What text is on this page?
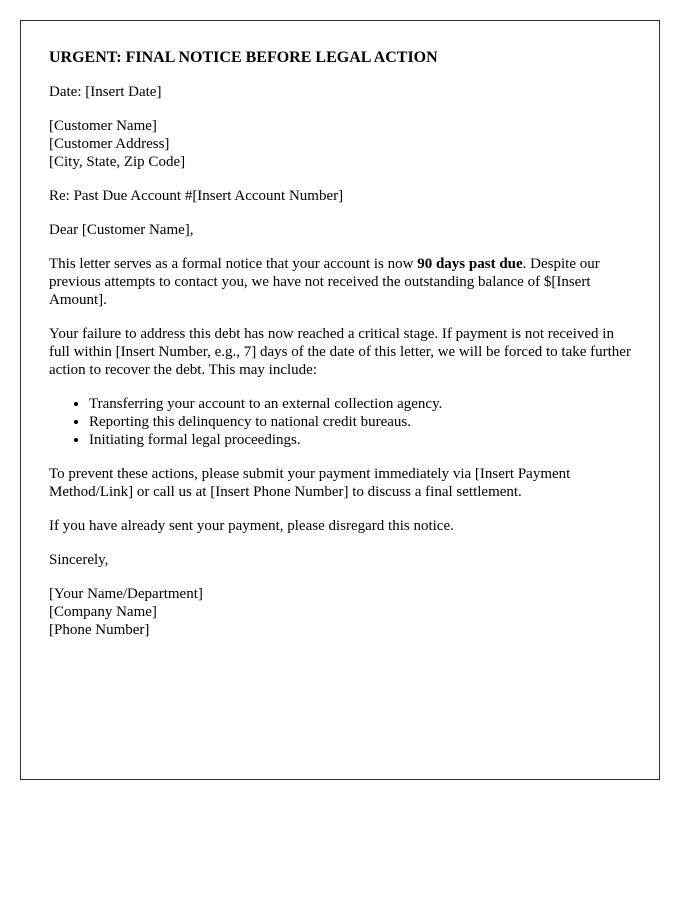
URGENT: FINAL NOTICE BEFORE LEGAL ACTION
Date: [Insert Date]
[Customer Name]
[Customer Address]
[City, State, Zip Code]
Re: Past Due Account #[Insert Account Number]
Dear [Customer Name],
This letter serves as a formal notice that your account is now 90 days past due. Despite our previous attempts to contact you, we have not received the outstanding balance of $[Insert Amount].
Your failure to address this debt has now reached a critical stage. If payment is not received in full within [Insert Number, e.g., 7] days of the date of this letter, we will be forced to take further action to recover the debt. This may include:
• Transferring your account to an external collection agency.
• Reporting this delinquency to national credit bureaus.
• Initiating formal legal proceedings.
To prevent these actions, please submit your payment immediately via [Insert Payment Method/Link] or call us at [Insert Phone Number] to discuss a final settlement.
If you have already sent your payment, please disregard this notice.
Sincerely,
[Your Name/Department]
[Company Name]
[Phone Number]
